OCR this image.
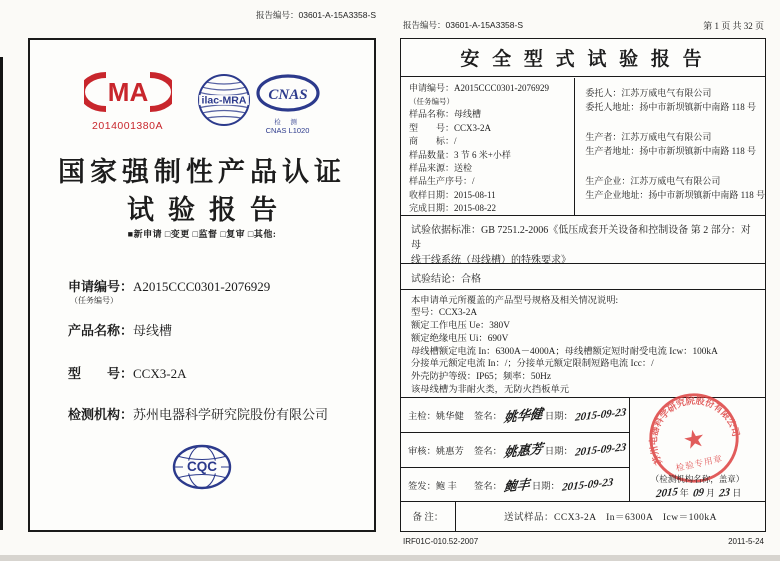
报告编号：03601-A-15A3358-S
MA
2014001380A
ilac-MRA CNAS
检 测
CNAS L1020
国家强制性产品认证
试验报告
■新申请 □变更 □监督 □复审 □其他:
申请编号：A2015CCC0301-2076929
（任务编号）
产品名称：母线槽
型　　号：CCX3-2A
检测机构：苏州电器科学研究院股份有限公司
CQC
报告编号：03601-A-15A3358-S	第 1 页 共 32 页
安 全 型 式 试 验 报 告
申请编号：A2015CCC0301-2076929
（任务编号）
样品名称：母线槽
型　　号：CCX3-2A
商　　标：/
样品数量：3 节 6 米+小样
样品来源：送检
样品生产序号：/
收样日期：2015-08-11
完成日期：2015-08-22
委托人：江苏万威电气有限公司
委托人地址：扬中市新坝镇新中南路 118 号
生产者：江苏万威电气有限公司
生产者地址：扬中市新坝镇新中南路 118 号
生产企业：江苏万威电气有限公司
生产企业地址：扬中市新坝镇新中南路 118 号
试验依据标准：GB 7251.2-2006《低压成套开关设备和控制设备 第 2 部分：对母
线干线系统（母线槽）的特殊要求》
试验结论：合格
本申请单元所覆盖的产品型号规格及相关情况说明:
型号：CCX3-2A
额定工作电压 Ue：380V
额定绝缘电压 Ui：690V
母线槽额定电流 In：6300A－4000A；母线槽额定短时耐受电流 Icw：100kA
分接单元额定电流 In：/；分接单元额定限制短路电流 Icc：/
外壳防护等级：IP65；频率：50Hz
该母线槽为非耐火类，无防火挡板单元
主检：姚华健	签名： 姚华健 日期： 2015-09-23
审核：姚惠芳	签名： 姚惠芳 日期： 2015-09-23
签发：鲍 丰	签名： 鲍丰 日期： 2015-09-23
苏州电器科学研究院股份有限公司
★
检验专用章
（检测机构名称，盖章）
2015年 09月 23日
备 注：	送试样品：CCX3-2A　In＝6300A　Icw＝100kA
IRF01C-010.52-2007	2011-5-24
